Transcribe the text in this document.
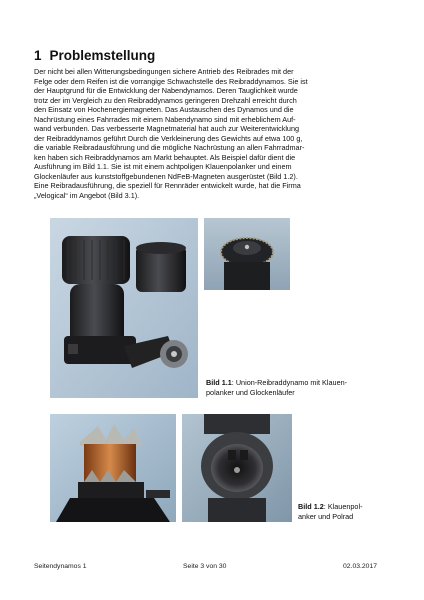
1 Problemstellung
Der nicht bei allen Witterungsbedingungen sichere Antrieb des Reibrades mit der
Felge oder dem Reifen ist die vorrangige Schwachstelle des Reibraddynamos. Sie ist
der Hauptgrund für die Entwicklung der Nabendynamos. Deren Tauglichkeit wurde
trotz der im Vergleich zu den Reibraddynamos geringeren Drehzahl erreicht durch
den Einsatz von Hochenergiemagneten. Das Austauschen des Dynamos und die
Nachrüstung eines Fahrrades mit einem Nabendynamo sind mit erheblichem Auf-
wand verbunden. Das verbesserte Magnetmaterial hat auch zur Weiterentwicklung
der Reibraddynamos geführt Durch die Verkleinerung des Gewichts auf etwa 100 g,
die variable Reibradausführung und die mögliche Nachrüstung an allen Fahrradmar-
ken haben sich Reibraddynamos am Markt behauptet. Als Beispiel dafür dient die
Ausführung im Bild 1.1. Sie ist mit einem achtpoligen Klauenpolanker und einem
Glockenläufer aus kunststoffgebundenen NdFeB-Magneten ausgerüstet (Bild 1.2).
Eine Reibradausführung, die speziell für Rennräder entwickelt wurde, hat die Firma
„Velogical“ im Angebot (Bild 3.1).
Bild 1.1: Union-Reibraddynamo mit Klauen-
polanker und Glockenläufer
Bild 1.2: Klauenpol-
anker und Polrad
Seitendynamos 1	Seite 3 von 30	02.03.2017
